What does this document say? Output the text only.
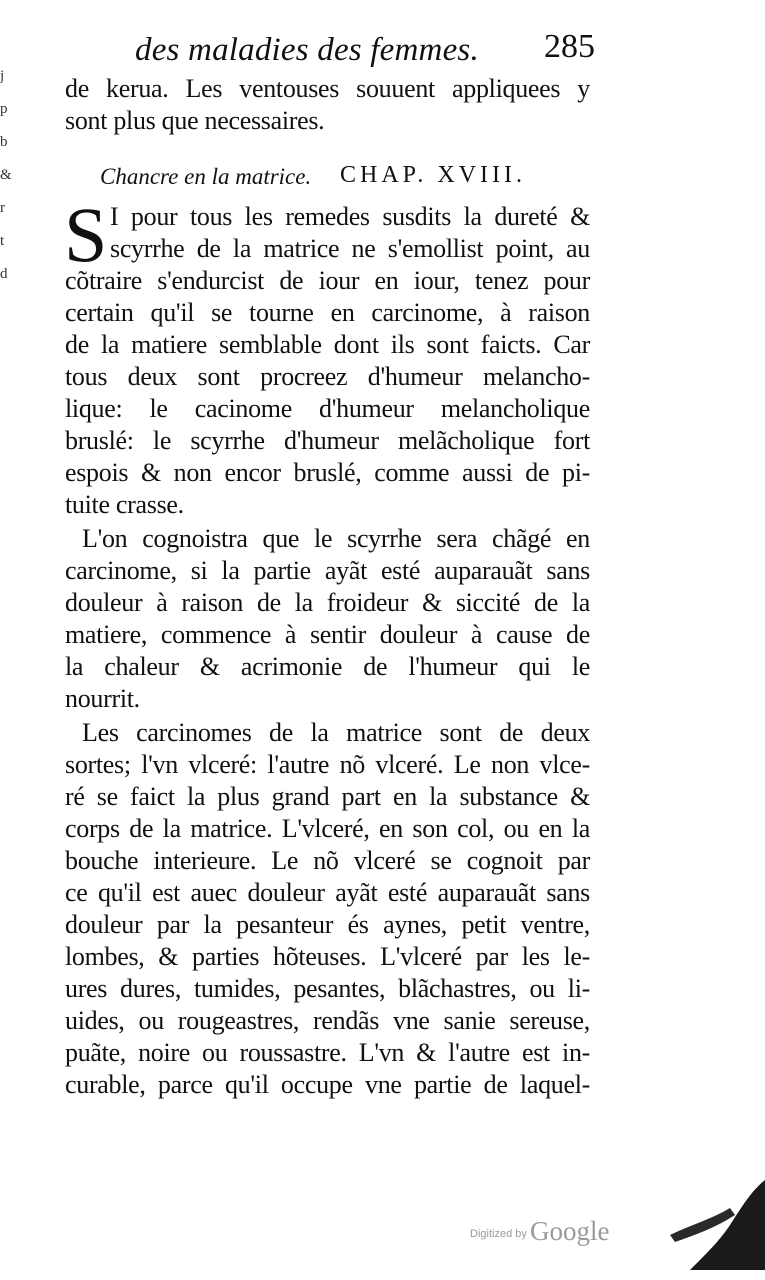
j
p
b
&
r
t
d
des maladies des femmes. 285
de kerua. Les ventouses souuent appliquees y
sont plus que necessaires.
Chancre en la matrice. CHAP. XVIII.
S I pour tous les remedes susdits la dureté &
scyrrhe de la matrice ne s'emollist point, au
cõtraire s'endurcist de iour en iour, tenez pour
certain qu'il se tourne en carcinome, à raison
de la matiere semblable dont ils sont faicts. Car
tous deux sont procreez d'humeur melancho-
lique: le cacinome d'humeur melancholique
bruslé: le scyrrhe d'humeur melãcholique fort
espois & non encor bruslé, comme aussi de pi-
tuite crasse.
L'on cognoistra que le scyrrhe sera chãgé en
carcinome, si la partie ayãt esté auparauãt sans
douleur à raison de la froideur & siccité de la
matiere, commence à sentir douleur à cause de
la chaleur & acrimonie de l'humeur qui le
nourrit.
Les carcinomes de la matrice sont de deux
sortes; l'vn vlceré: l'autre nõ vlceré. Le non vlce-
ré se faict la plus grand part en la substance &
corps de la matrice. L'vlceré, en son col, ou en la
bouche interieure. Le nõ vlceré se cognoit par
ce qu'il est auec douleur ayãt esté auparauãt sans
douleur par la pesanteur és aynes, petit ventre,
lombes, & parties hõteuses. L'vlceré par les le-
ures dures, tumides, pesantes, blãchastres, ou li-
uides, ou rougeastres, rendãs vne sanie sereuse,
puãte, noire ou roussastre. L'vn & l'autre est in-
curable, parce qu'il occupe vne partie de laquel-
Digitized by Google
